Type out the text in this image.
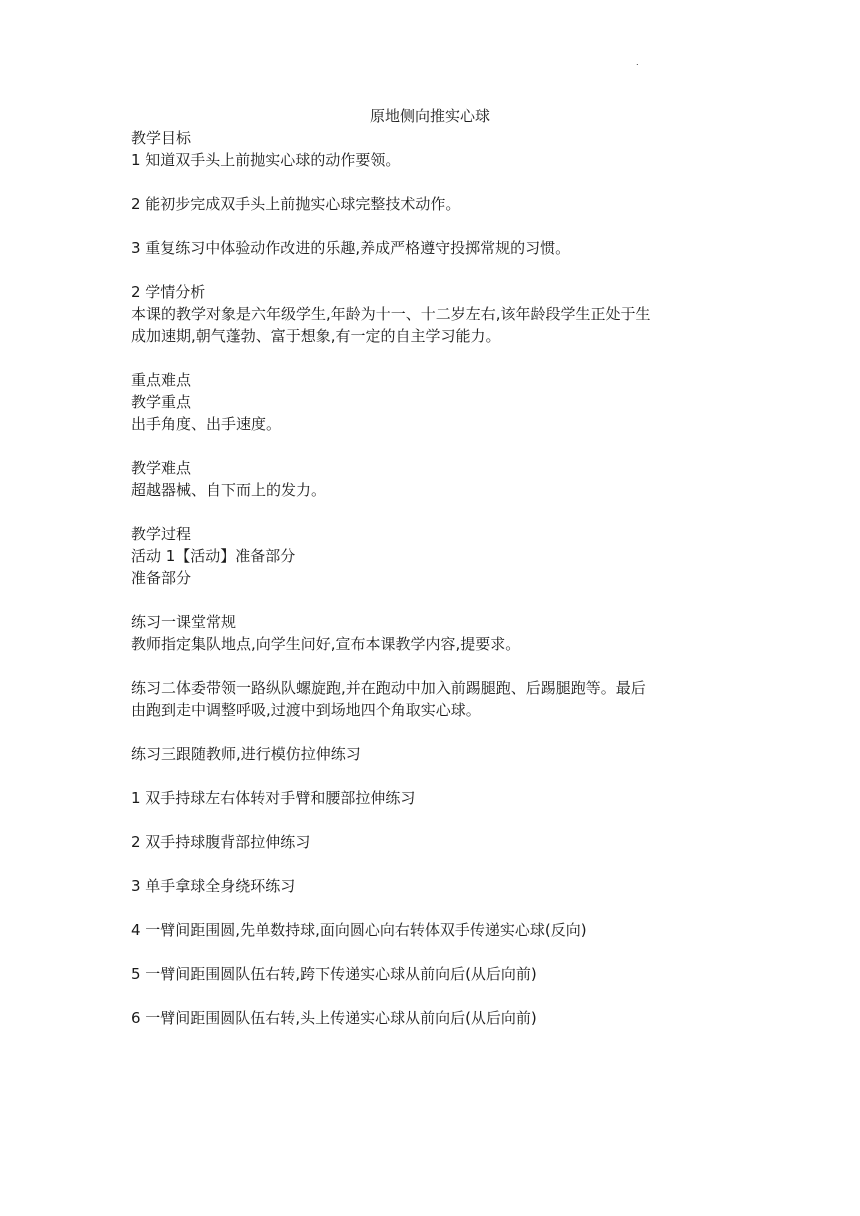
.
原地侧向推实心球

教学目标

1 知道双手头上前抛实心球的动作要领。

2 能初步完成双手头上前抛实心球完整技术动作。

3 重复练习中体验动作改进的乐趣,养成严格遵守投掷常规的习惯。

2 学情分析

本课的教学对象是六年级学生,年龄为十一、十二岁左右,该年龄段学生正处于生

成加速期,朝气蓬勃、富于想象,有一定的自主学习能力。

重点难点

教学重点

出手角度、出手速度。

教学难点

超越器械、自下而上的发力。

教学过程

活动 1【活动】准备部分

准备部分

练习一课堂常规

教师指定集队地点,向学生问好,宣布本课教学内容,提要求。

练习二体委带领一路纵队螺旋跑,并在跑动中加入前踢腿跑、后踢腿跑等。最后

由跑到走中调整呼吸,过渡中到场地四个角取实心球。

练习三跟随教师,进行模仿拉伸练习

1 双手持球左右体转对手臂和腰部拉伸练习

2 双手持球腹背部拉伸练习

3 单手拿球全身绕环练习

4 一臂间距围圆,先单数持球,面向圆心向右转体双手传递实心球(反向)

5 一臂间距围圆队伍右转,跨下传递实心球从前向后(从后向前)

6 一臂间距围圆队伍右转,头上传递实心球从前向后(从后向前)
